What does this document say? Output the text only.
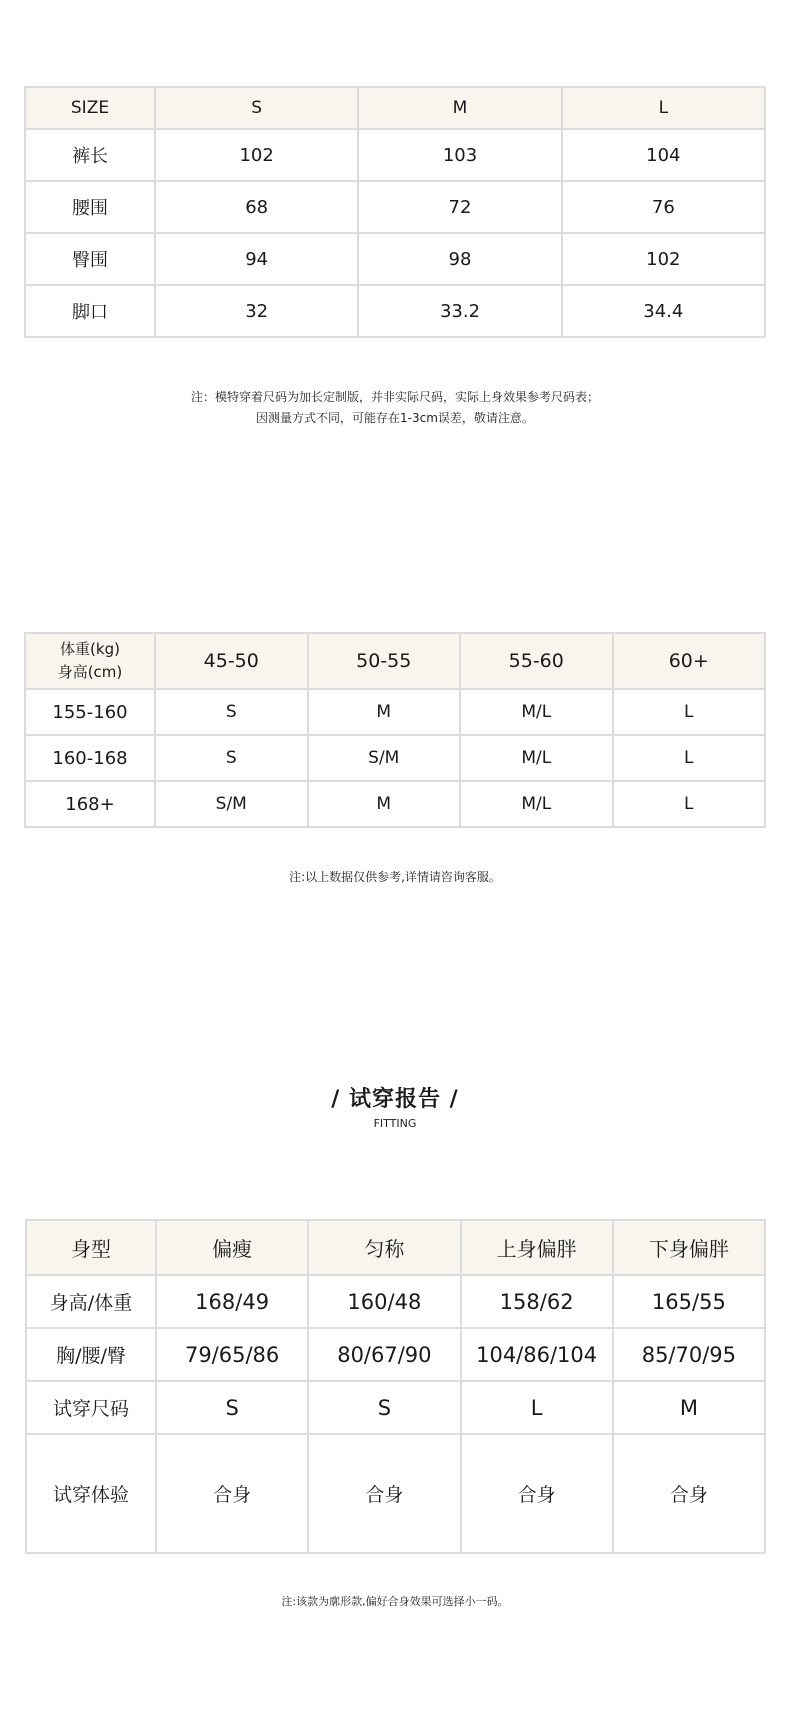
SIZE	S	M	L
裤长	102	103	104
腰围	68	72	76
臀围	94	98	102
脚口	32	33.2	34.4
注：模特穿着尺码为加长定制版，并非实际尺码，实际上身效果参考尺码表；
因测量方式不同，可能存在1-3cm误差，敬请注意。
体重(kg)
身高(cm)	45-50	50-55	55-60	60+
155-160	S	M	M/L	L
160-168	S	S/M	M/L	L
168+	S/M	M	M/L	L
注:以上数据仅供参考,详情请咨询客服。
/ 试穿报告 /
FITTING
身型	偏瘦	匀称	上身偏胖	下身偏胖
身高/体重	168/49	160/48	158/62	165/55
胸/腰/臀	79/65/86	80/67/90	104/86/104	85/70/95
试穿尺码	S	S	L	M
试穿体验	合身	合身	合身	合身
注:该款为廓形款,偏好合身效果可选择小一码。
